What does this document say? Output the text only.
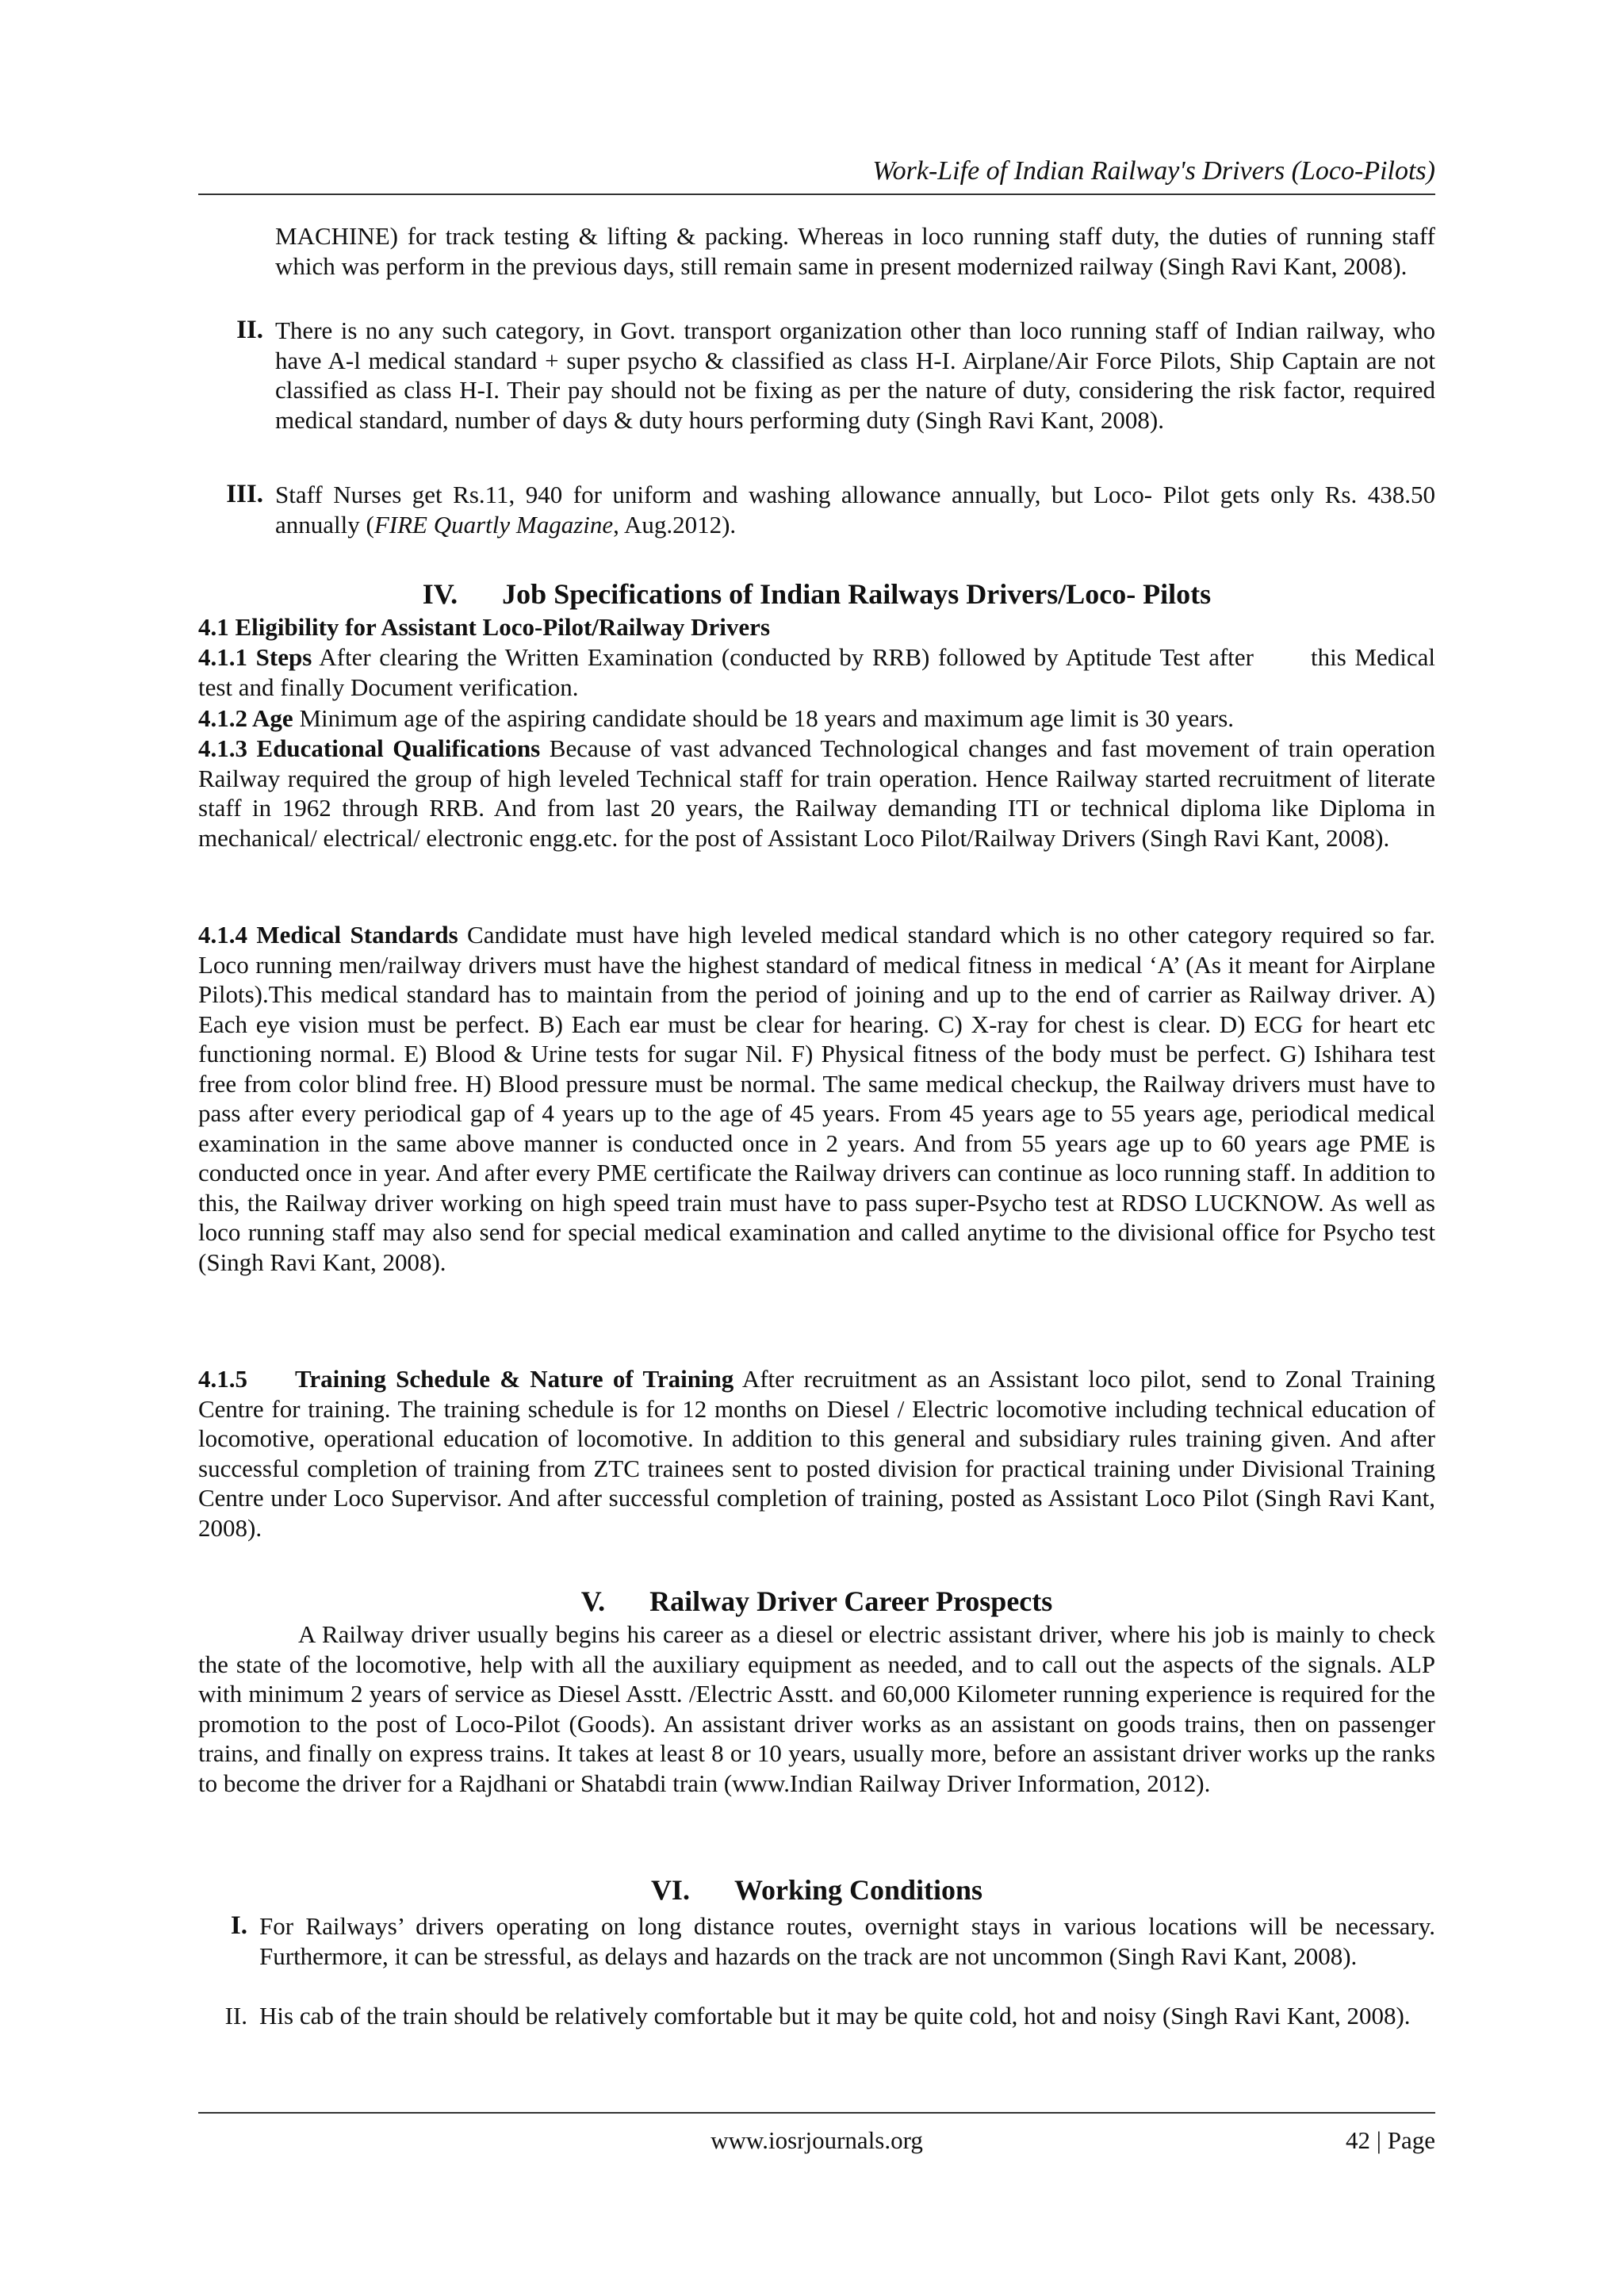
Work-Life of Indian Railway's Drivers (Loco-Pilots)
MACHINE) for track testing & lifting & packing. Whereas in loco running staff duty, the duties of running staff which was perform in the previous days, still remain same in present modernized railway (Singh Ravi Kant, 2008).
II. There is no any such category, in Govt. transport organization other than loco running staff of Indian railway, who have A-l medical standard + super psycho & classified as class H-I. Airplane/Air Force Pilots, Ship Captain are not classified as class H-I. Their pay should not be fixing as per the nature of duty, considering the risk factor, required medical standard, number of days & duty hours performing duty (Singh Ravi Kant, 2008).
III. Staff Nurses get Rs.11, 940 for uniform and washing allowance annually, but Loco- Pilot gets only Rs. 438.50 annually (FIRE Quartly Magazine, Aug.2012).
IV. Job Specifications of Indian Railways Drivers/Loco- Pilots
4.1 Eligibility for Assistant Loco-Pilot/Railway Drivers
4.1.1 Steps After clearing the Written Examination (conducted by RRB) followed by Aptitude Test after this Medical test and finally Document verification.
4.1.2 Age Minimum age of the aspiring candidate should be 18 years and maximum age limit is 30 years.
4.1.3 Educational Qualifications Because of vast advanced Technological changes and fast movement of train operation Railway required the group of high leveled Technical staff for train operation. Hence Railway started recruitment of literate staff in 1962 through RRB. And from last 20 years, the Railway demanding ITI or technical diploma like Diploma in mechanical/ electrical/ electronic engg.etc. for the post of Assistant Loco Pilot/Railway Drivers (Singh Ravi Kant, 2008).
4.1.4 Medical Standards Candidate must have high leveled medical standard which is no other category required so far. Loco running men/railway drivers must have the highest standard of medical fitness in medical ‘A’ (As it meant for Airplane Pilots).This medical standard has to maintain from the period of joining and up to the end of carrier as Railway driver. A) Each eye vision must be perfect. B) Each ear must be clear for hearing. C) X-ray for chest is clear. D) ECG for heart etc functioning normal. E) Blood & Urine tests for sugar Nil. F) Physical fitness of the body must be perfect. G) Ishihara test free from color blind free. H) Blood pressure must be normal. The same medical checkup, the Railway drivers must have to pass after every periodical gap of 4 years up to the age of 45 years. From 45 years age to 55 years age, periodical medical examination in the same above manner is conducted once in 2 years. And from 55 years age up to 60 years age PME is conducted once in year. And after every PME certificate the Railway drivers can continue as loco running staff. In addition to this, the Railway driver working on high speed train must have to pass super-Psycho test at RDSO LUCKNOW. As well as loco running staff may also send for special medical examination and called anytime to the divisional office for Psycho test (Singh Ravi Kant, 2008).
4.1.5 Training Schedule & Nature of Training After recruitment as an Assistant loco pilot, send to Zonal Training Centre for training. The training schedule is for 12 months on Diesel / Electric locomotive including technical education of locomotive, operational education of locomotive. In addition to this general and subsidiary rules training given. And after successful completion of training from ZTC trainees sent to posted division for practical training under Divisional Training Centre under Loco Supervisor. And after successful completion of training, posted as Assistant Loco Pilot (Singh Ravi Kant, 2008).
V. Railway Driver Career Prospects
A Railway driver usually begins his career as a diesel or electric assistant driver, where his job is mainly to check the state of the locomotive, help with all the auxiliary equipment as needed, and to call out the aspects of the signals. ALP with minimum 2 years of service as Diesel Asstt. /Electric Asstt. and 60,000 Kilometer running experience is required for the promotion to the post of Loco-Pilot (Goods). An assistant driver works as an assistant on goods trains, then on passenger trains, and finally on express trains. It takes at least 8 or 10 years, usually more, before an assistant driver works up the ranks to become the driver for a Rajdhani or Shatabdi train (www.Indian Railway Driver Information, 2012).
VI. Working Conditions
I. For Railways’ drivers operating on long distance routes, overnight stays in various locations will be necessary. Furthermore, it can be stressful, as delays and hazards on the track are not uncommon (Singh Ravi Kant, 2008).
II. His cab of the train should be relatively comfortable but it may be quite cold, hot and noisy (Singh Ravi Kant, 2008).
www.iosrjournals.org	42 | Page
